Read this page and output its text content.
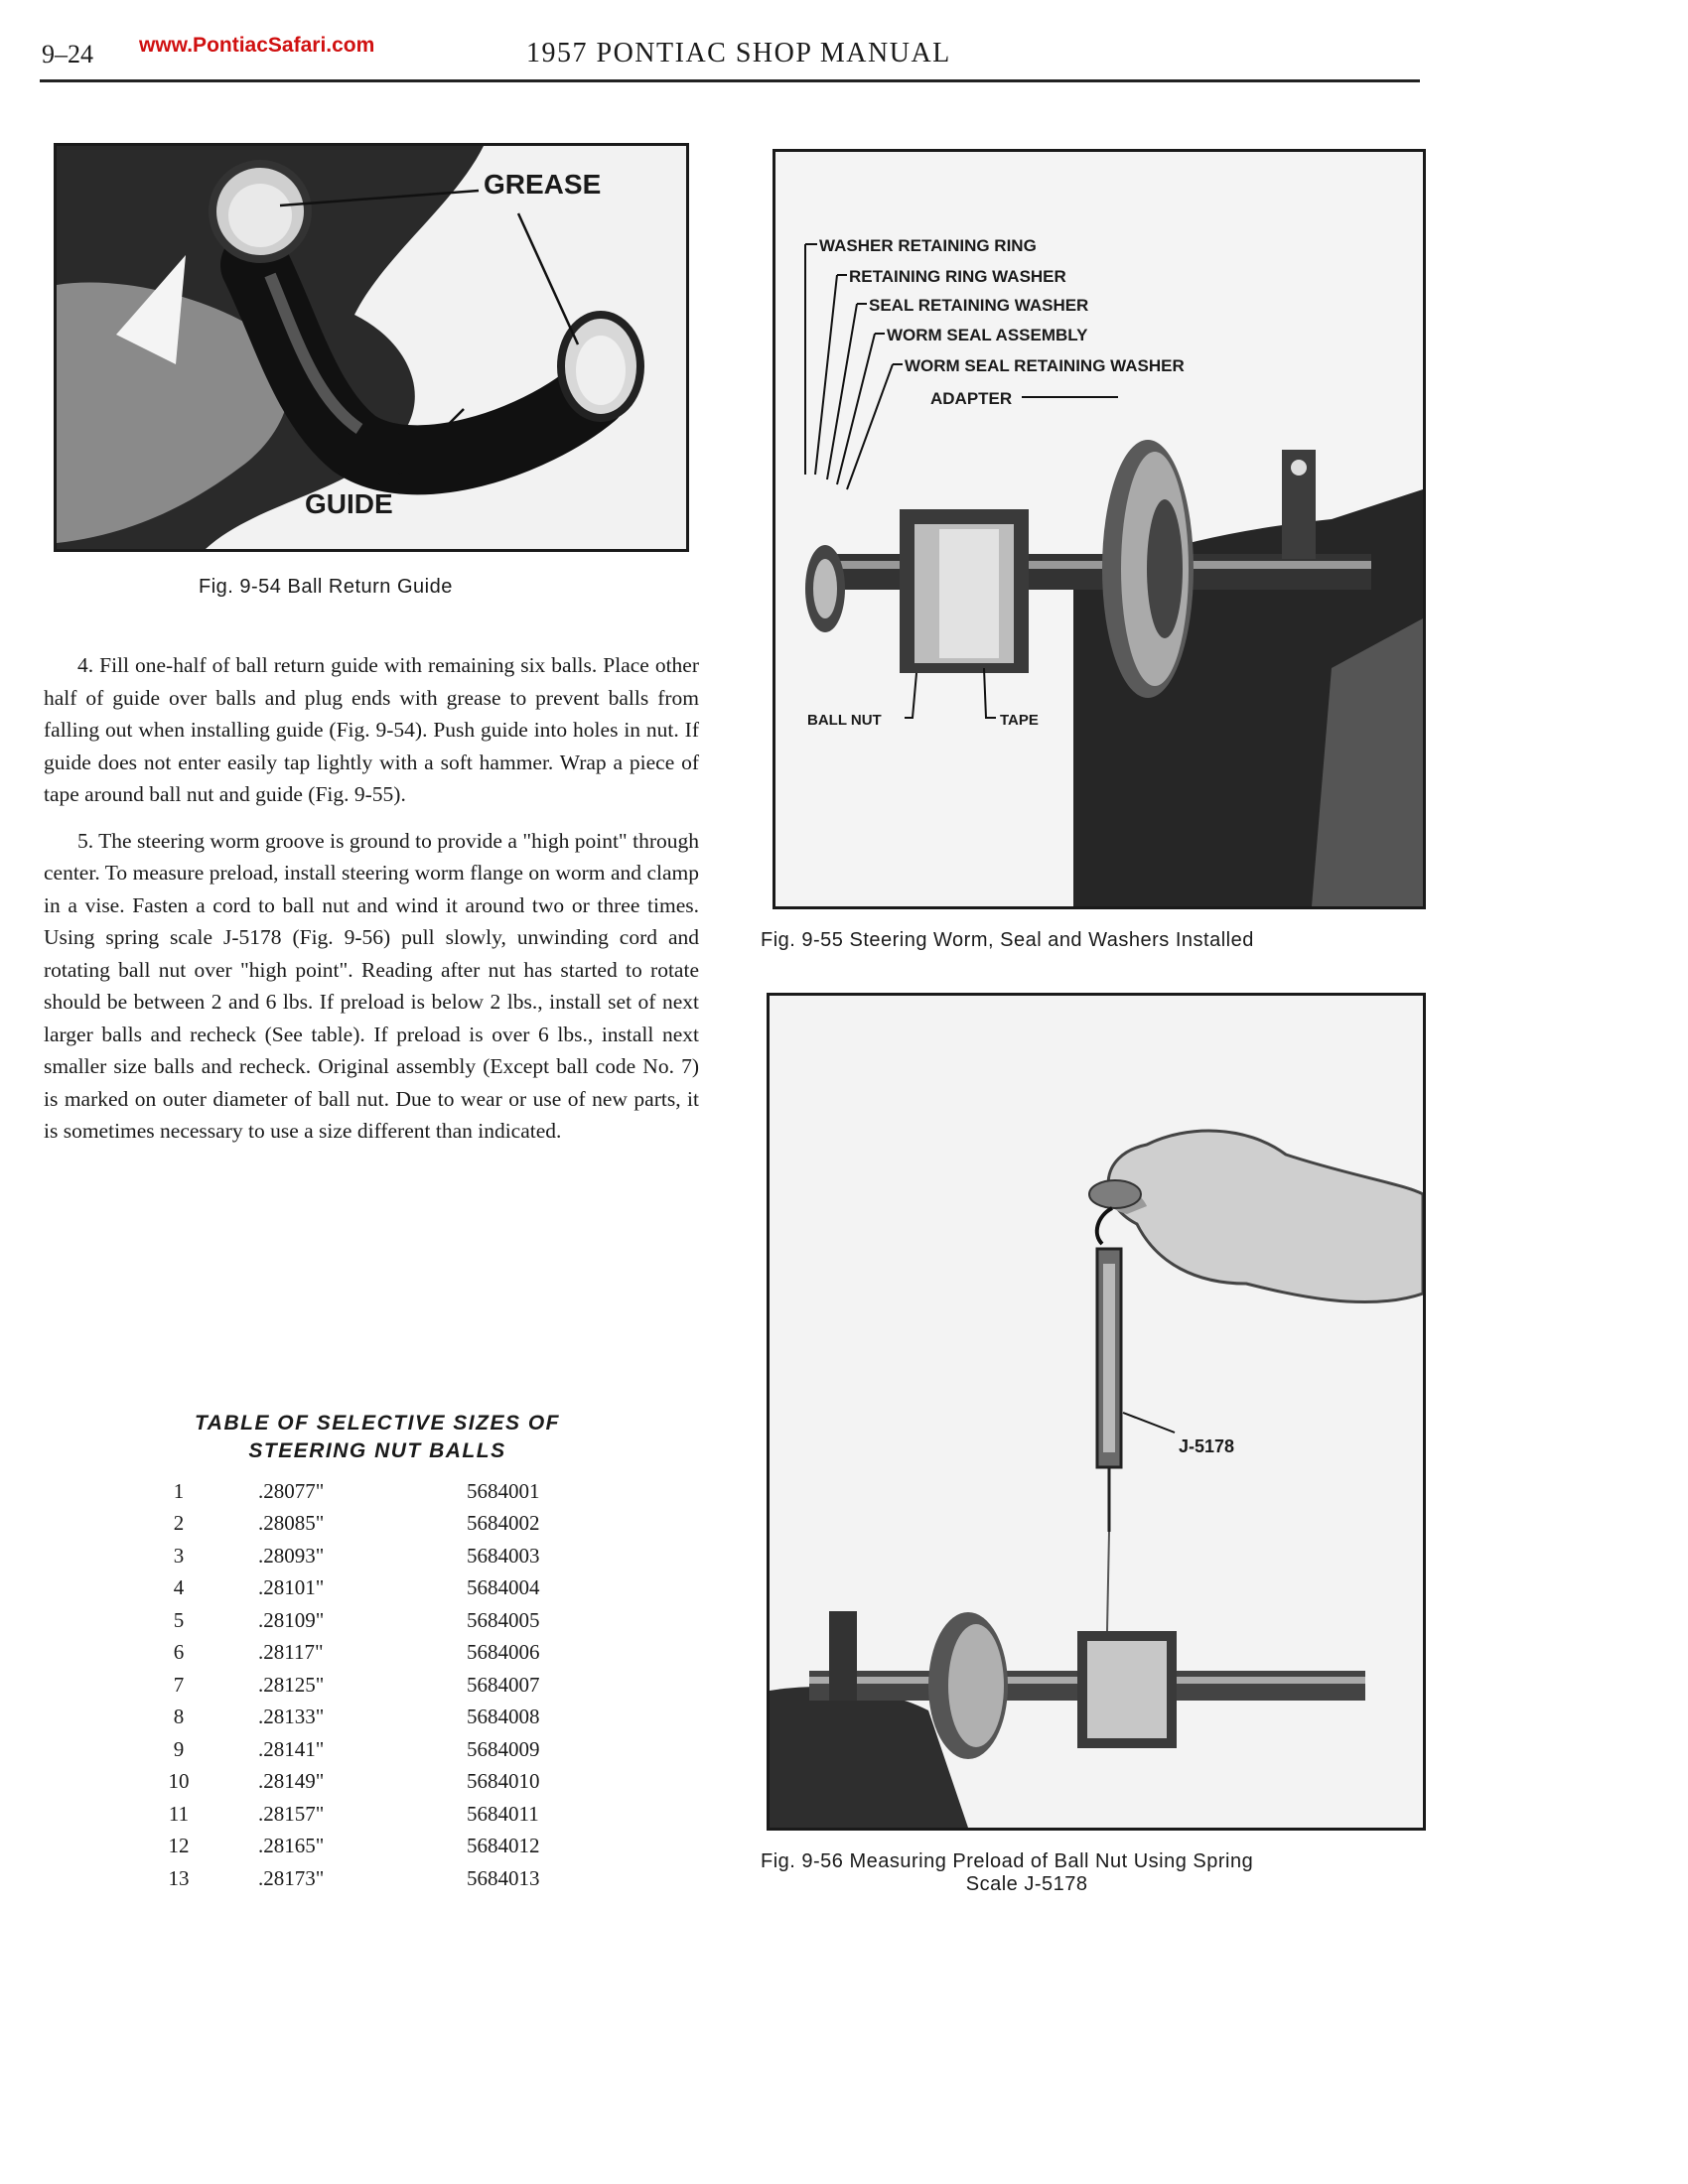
9–24 www.PontiacSafari.com	1957 PONTIAC SHOP MANUAL
GREASE
GUIDE
Fig. 9-54 Ball Return Guide

4. Fill one-half of ball return guide with remaining six balls. Place other half of guide over balls and plug ends with grease to prevent balls from falling out when installing guide (Fig. 9-54). Push guide into holes in nut. If guide does not enter easily tap lightly with a soft hammer. Wrap a piece of tape around ball nut and guide (Fig. 9-55).

5. The steering worm groove is ground to provide a "high point" through center. To measure preload, install steering worm flange on worm and clamp in a vise. Fasten a cord to ball nut and wind it around two or three times. Using spring scale J-5178 (Fig. 9-56) pull slowly, unwinding cord and rotating ball nut over "high point". Reading after nut has started to rotate should be between 2 and 6 lbs. If preload is below 2 lbs., install set of next larger balls and recheck (See table). If preload is over 6 lbs., install next smaller size balls and recheck. Original assembly (Except ball code No. 7) is marked on outer diameter of ball nut. Due to wear or use of new parts, it is sometimes necessary to use a size different than indicated.

TABLE OF SELECTIVE SIZES OF
STEERING NUT BALLS
1	.28077"	5684001
2	.28085"	5684002
3	.28093"	5684003
4	.28101"	5684004
5	.28109"	5684005
6	.28117"	5684006
7	.28125"	5684007
8	.28133"	5684008
9	.28141"	5684009
10	.28149"	5684010
11	.28157"	5684011
12	.28165"	5684012
13	.28173"	5684013
WASHER RETAINING RING
RETAINING RING WASHER
SEAL RETAINING WASHER
WORM SEAL ASSEMBLY
WORM SEAL RETAINING WASHER
ADAPTER
BALL NUT	TAPE
Fig. 9-55 Steering Worm, Seal and Washers Installed
J-5178
Fig. 9-56 Measuring Preload of Ball Nut Using Spring
Scale J-5178
